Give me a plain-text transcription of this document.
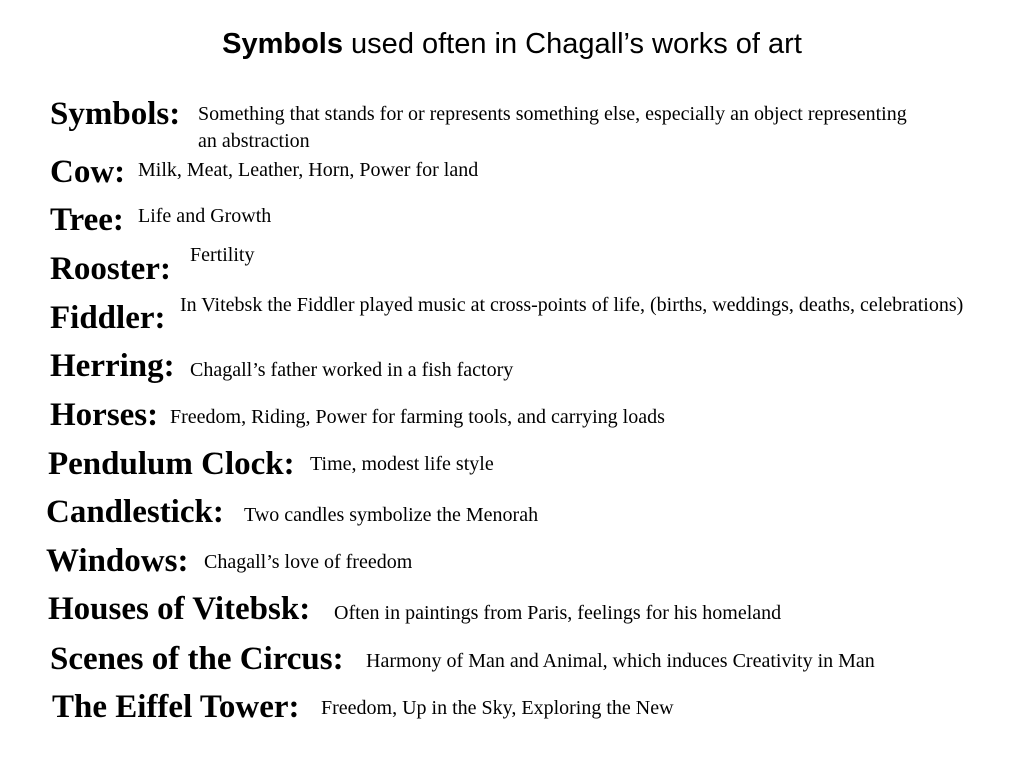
Symbols used often in Chagall’s works of art
Symbols: Something that stands for or represents something else, especially an object representing an abstraction
Cow: Milk, Meat, Leather, Horn, Power for land
Tree: Life and Growth
Rooster: Fertility
Fiddler: In Vitebsk the Fiddler played music at cross-points of life, (births, weddings, deaths, celebrations)
Herring: Chagall’s father worked in a fish factory
Horses: Freedom, Riding, Power for farming tools, and carrying loads
Pendulum Clock: Time, modest life style
Candlestick: Two candles symbolize the Menorah
Windows: Chagall’s love of freedom
Houses of Vitebsk: Often in paintings from Paris, feelings for his homeland
Scenes of the Circus: Harmony of Man and Animal, which induces Creativity in Man
The Eiffel Tower: Freedom, Up in the Sky, Exploring the New
